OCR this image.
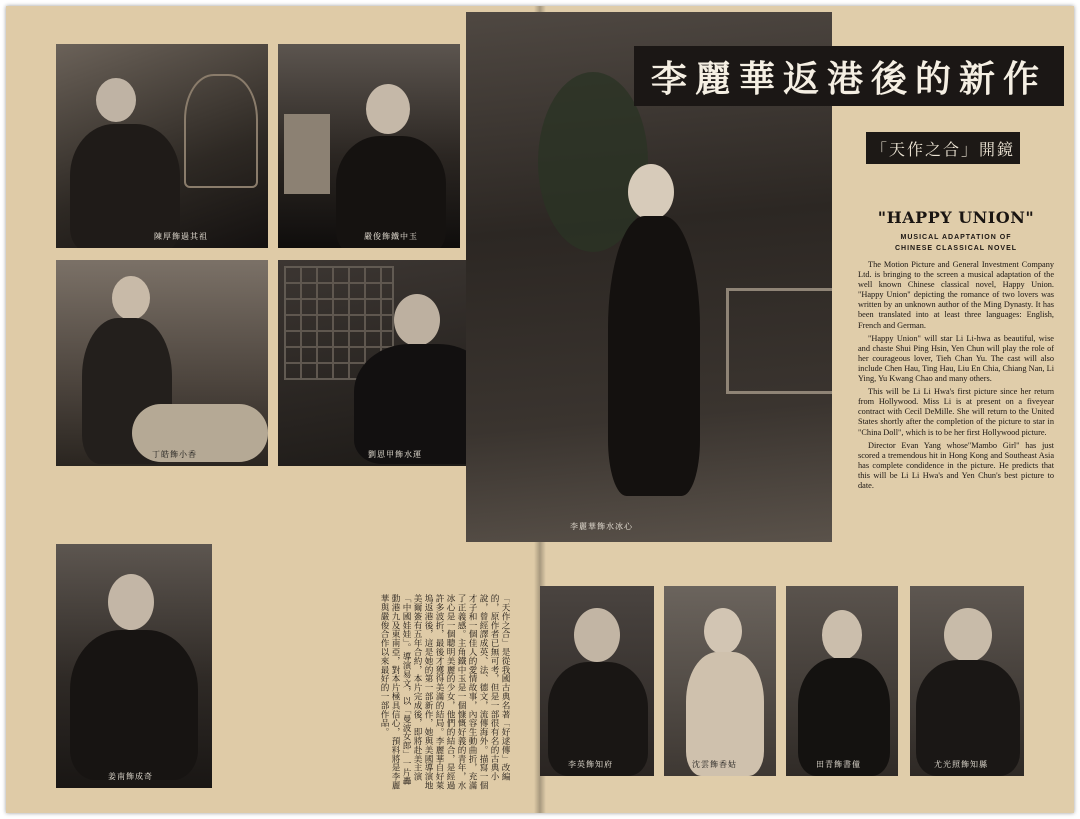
陳厚飾過其祖	嚴俊飾鐵中玉
丁皓飾小香	劉恩甲飾水運
姜南飾成奇	「天作之合」是從我國古典名著「好逑傳」改編的，原作者已無可考，但是一部很有名的古典小說，曾經譯成英、法、德文，流傳海外。描寫一個才子和一個佳人的愛情故事，內容生動曲折，充滿了正義感。主角鐵中玉是一個慷慨好義的青年，水冰心是一個聰明美麗的少女，他們的結合，是經過許多波折，最後才獲得美滿的結局。李麗華自好萊塢返港後，這是她的第一部新作，她與美國導演地美爾簽有五年合約，本片完成後，即將赴美主演「中國娃娃」。導演易文，以「曼波女郎」一片轟動港九及東南亞，對本片極具信心，預料將是李麗華與嚴俊合作以來最好的一部作品。
李麗華飾水冰心
李麗華返港後的新作
「天作之合」開鏡
"HAPPY UNION"
MUSICAL ADAPTATION OF
CHINESE CLASSICAL NOVEL

The Motion Picture and General Investment Company Ltd. is bringing to the screen a musical adaptation of the well known Chinese classical novel, Happy Union. "Happy Union" depicting the romance of two lovers was written by an unknown author of the Ming Dynasty. It has been translated into at least three languages: English, French and German.

"Happy Union" will star Li Li-hwa as beautiful, wise and chaste Shui Ping Hsin, Yen Chun will play the role of her courageous lover, Tieh Chan Yu. The cast will also include Chen Hau, Ting Hau, Liu En Chia, Chiang Nan, Li Ying, Yu Kwang Chao and many others.

This will be Li Li Hwa's first picture since her return from Hollywood. Miss Li is at present on a fiveyear contract with Cecil DeMille. She will return to the United States shortly after the completion of the picture to star in "China Doll", which is to be her first Hollywood picture.

Director Evan Yang whose"Mambo Girl" has just scored a tremendous hit in Hong Kong and Southeast Asia has complete condidence in the picture. He predicts that this will be Li Li Hwa's and Yen Chun's best picture to date.

李英飾知府	沈雲飾香姑	田青飾書僮	尤光照飾知縣
